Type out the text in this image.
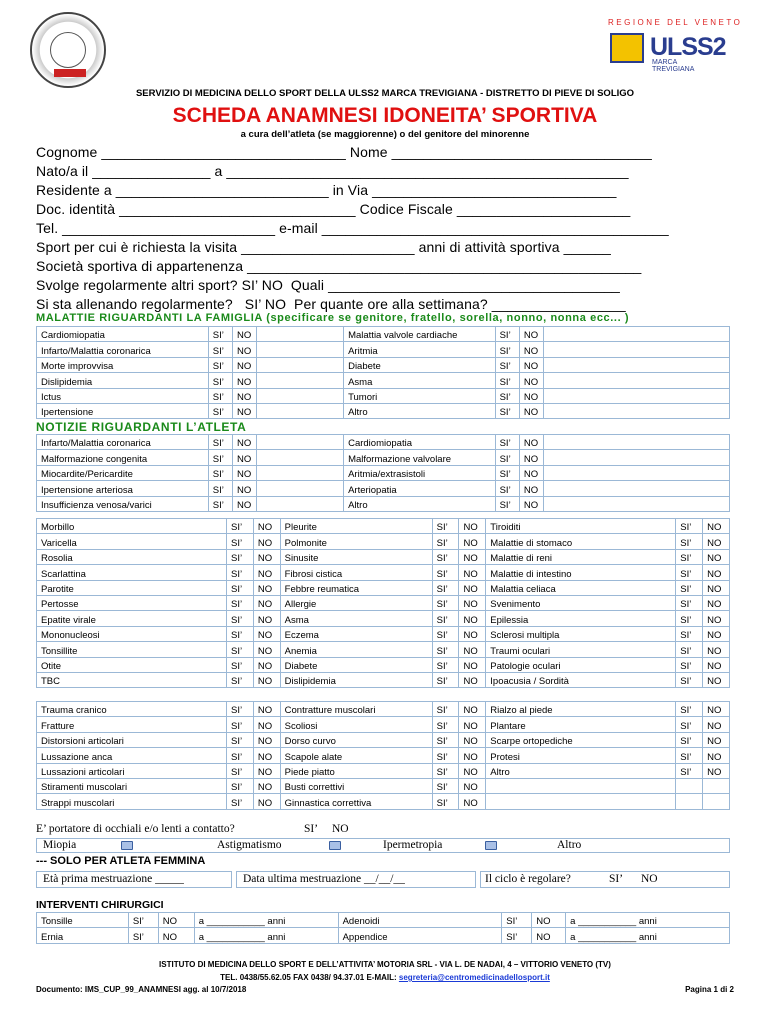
REGIONE DEL VENETO
ULSS2
MARCA TREVIGIANA
SERVIZIO DI MEDICINA DELLO SPORT DELLA ULSS2 MARCA TREVIGIANA - DISTRETTO DI PIEVE DI SOLIGO
SCHEDA ANAMNESI IDONEITA’ SPORTIVA
a cura dell’atleta (se maggiorenne) o del genitore del minorenne
Cognome _______________________________ Nome _________________________________
Nato/a il _______________ a ___________________________________________________
Residente a ___________________________ in Via _______________________________
Doc. identità ______________________________ Codice Fiscale ______________________
Tel. ___________________________ e-mail ____________________________________________
Sport per cui è richiesta la visita ______________________ anni di attività sportiva ______
Società sportiva di appartenenza __________________________________________________
Svolge regolarmente altri sport? SI’ NO  Quali _____________________________________
Si sta allenando regolarmente?   SI’ NO  Per quante ore alla settimana? _________________
MALATTIE RIGUARDANTI LA FAMIGLIA (specificare se genitore, fratello, sorella, nonno, nonna ecc... )
Cardiomiopatia	SI’	NO		Malattia valvole cardiache	SI’	NO	
Infarto/Malattia coronarica	SI’	NO		Aritmia	SI’	NO	
Morte improvvisa	SI’	NO		Diabete	SI’	NO	
Dislipidemia	SI’	NO		Asma	SI’	NO	
Ictus	SI’	NO		Tumori	SI’	NO	
Ipertensione	SI’	NO		Altro	SI’	NO	
NOTIZIE RIGUARDANTI L’ATLETA
Infarto/Malattia coronarica	SI’	NO		Cardiomiopatia	SI’	NO	
Malformazione congenita	SI’	NO		Malformazione valvolare	SI’	NO	
Miocardite/Pericardite	SI’	NO		Aritmia/extrasistoli	SI’	NO	
Ipertensione arteriosa	SI’	NO		Arteriopatia	SI’	NO	
Insufficienza venosa/varici	SI’	NO		Altro	SI’	NO	
Morbillo	SI’	NO	Pleurite	SI’	NO	Tiroiditi	SI’	NO
Varicella	SI’	NO	Polmonite	SI’	NO	Malattie di stomaco	SI’	NO
Rosolia	SI’	NO	Sinusite	SI’	NO	Malattie di reni	SI’	NO
Scarlattina	SI’	NO	Fibrosi cistica	SI’	NO	Malattie di intestino	SI’	NO
Parotite	SI’	NO	Febbre reumatica	SI’	NO	Malattia celiaca	SI’	NO
Pertosse	SI’	NO	Allergie	SI’	NO	Svenimento	SI’	NO
Epatite virale	SI’	NO	Asma	SI’	NO	Epilessia	SI’	NO
Mononucleosi	SI’	NO	Eczema	SI’	NO	Sclerosi multipla	SI’	NO
Tonsillite	SI’	NO	Anemia	SI’	NO	Traumi oculari	SI’	NO
Otite	SI’	NO	Diabete	SI’	NO	Patologie oculari	SI’	NO
TBC	SI’	NO	Dislipidemia	SI’	NO	Ipoacusia / Sordità	SI’	NO
Trauma cranico	SI’	NO	Contratture muscolari	SI’	NO	Rialzo al piede	SI’	NO
Fratture	SI’	NO	Scoliosi	SI’	NO	Plantare	SI’	NO
Distorsioni articolari	SI’	NO	Dorso curvo	SI’	NO	Scarpe ortopediche	SI’	NO
Lussazione anca	SI’	NO	Scapole alate	SI’	NO	Protesi	SI’	NO
Lussazioni articolari	SI’	NO	Piede piatto	SI’	NO	Altro	SI’	NO
Stiramenti muscolari	SI’	NO	Busti correttivi	SI’	NO			
Strappi muscolari	SI’	NO	Ginnastica correttiva	SI’	NO			
E’ portatore di occhiali e/o lenti a contatto?	SI’ NO
Miopia	Astigmatismo	Ipermetropia	Altro
--- SOLO PER ATLETA FEMMINA
Età prima mestruazione _____	Data ultima mestruazione __/__/__	Il ciclo è regolare?	SI’ NO
INTERVENTI CHIRURGICI
Tonsille	SI’	NO	a ___________ anni	Adenoidi	SI’	NO	a ___________ anni
Ernia	SI’	NO	a ___________ anni	Appendice	SI’	NO	a ___________ anni
ISTITUTO DI MEDICINA DELLO SPORT E DELL’ATTIVITA’ MOTORIA SRL - VIA L. DE NADAI, 4 – VITTORIO VENETO (TV)
TEL. 0438/55.62.05 FAX 0438/ 94.37.01 E-MAIL: segreteria@centromedicinadellosport.it
Documento: IMS_CUP_99_ANAMNESI agg. al 10/7/2018	Pagina 1 di 2
